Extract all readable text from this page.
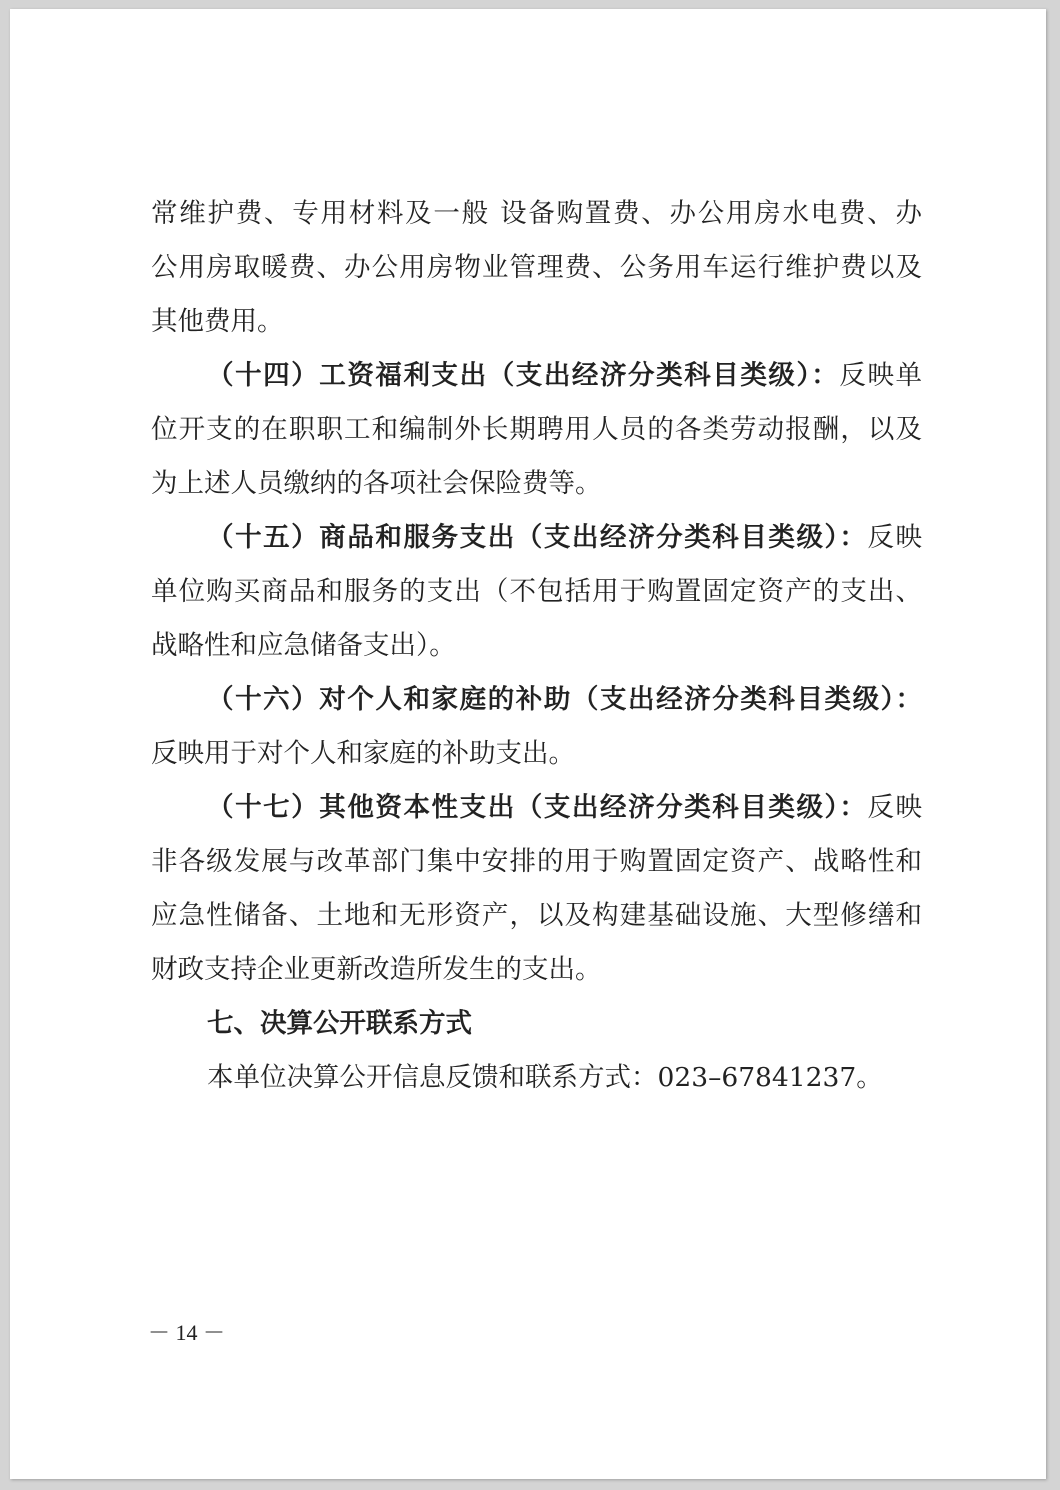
常维护费、专用材料及一般 设备购置费、办公用房水电费、办
公用房取暖费、办公用房物业管理费、公务用车运行维护费以及
其他费用。
（十四）工资福利支出（支出经济分类科目类级）：反映单
位开支的在职职工和编制外长期聘用人员的各类劳动报酬，以及
为上述人员缴纳的各项社会保险费等。
（十五）商品和服务支出（支出经济分类科目类级）：反映
单位购买商品和服务的支出（不包括用于购置固定资产的支出、
战略性和应急储备支出）。
（十六）对个人和家庭的补助（支出经济分类科目类级）：
反映用于对个人和家庭的补助支出。
（十七）其他资本性支出（支出经济分类科目类级）：反映
非各级发展与改革部门集中安排的用于购置固定资产、战略性和
应急性储备、土地和无形资产，以及构建基础设施、大型修缮和
财政支持企业更新改造所发生的支出。
七、决算公开联系方式
本单位决算公开信息反馈和联系方式：023–67841237。
－ 14 －
